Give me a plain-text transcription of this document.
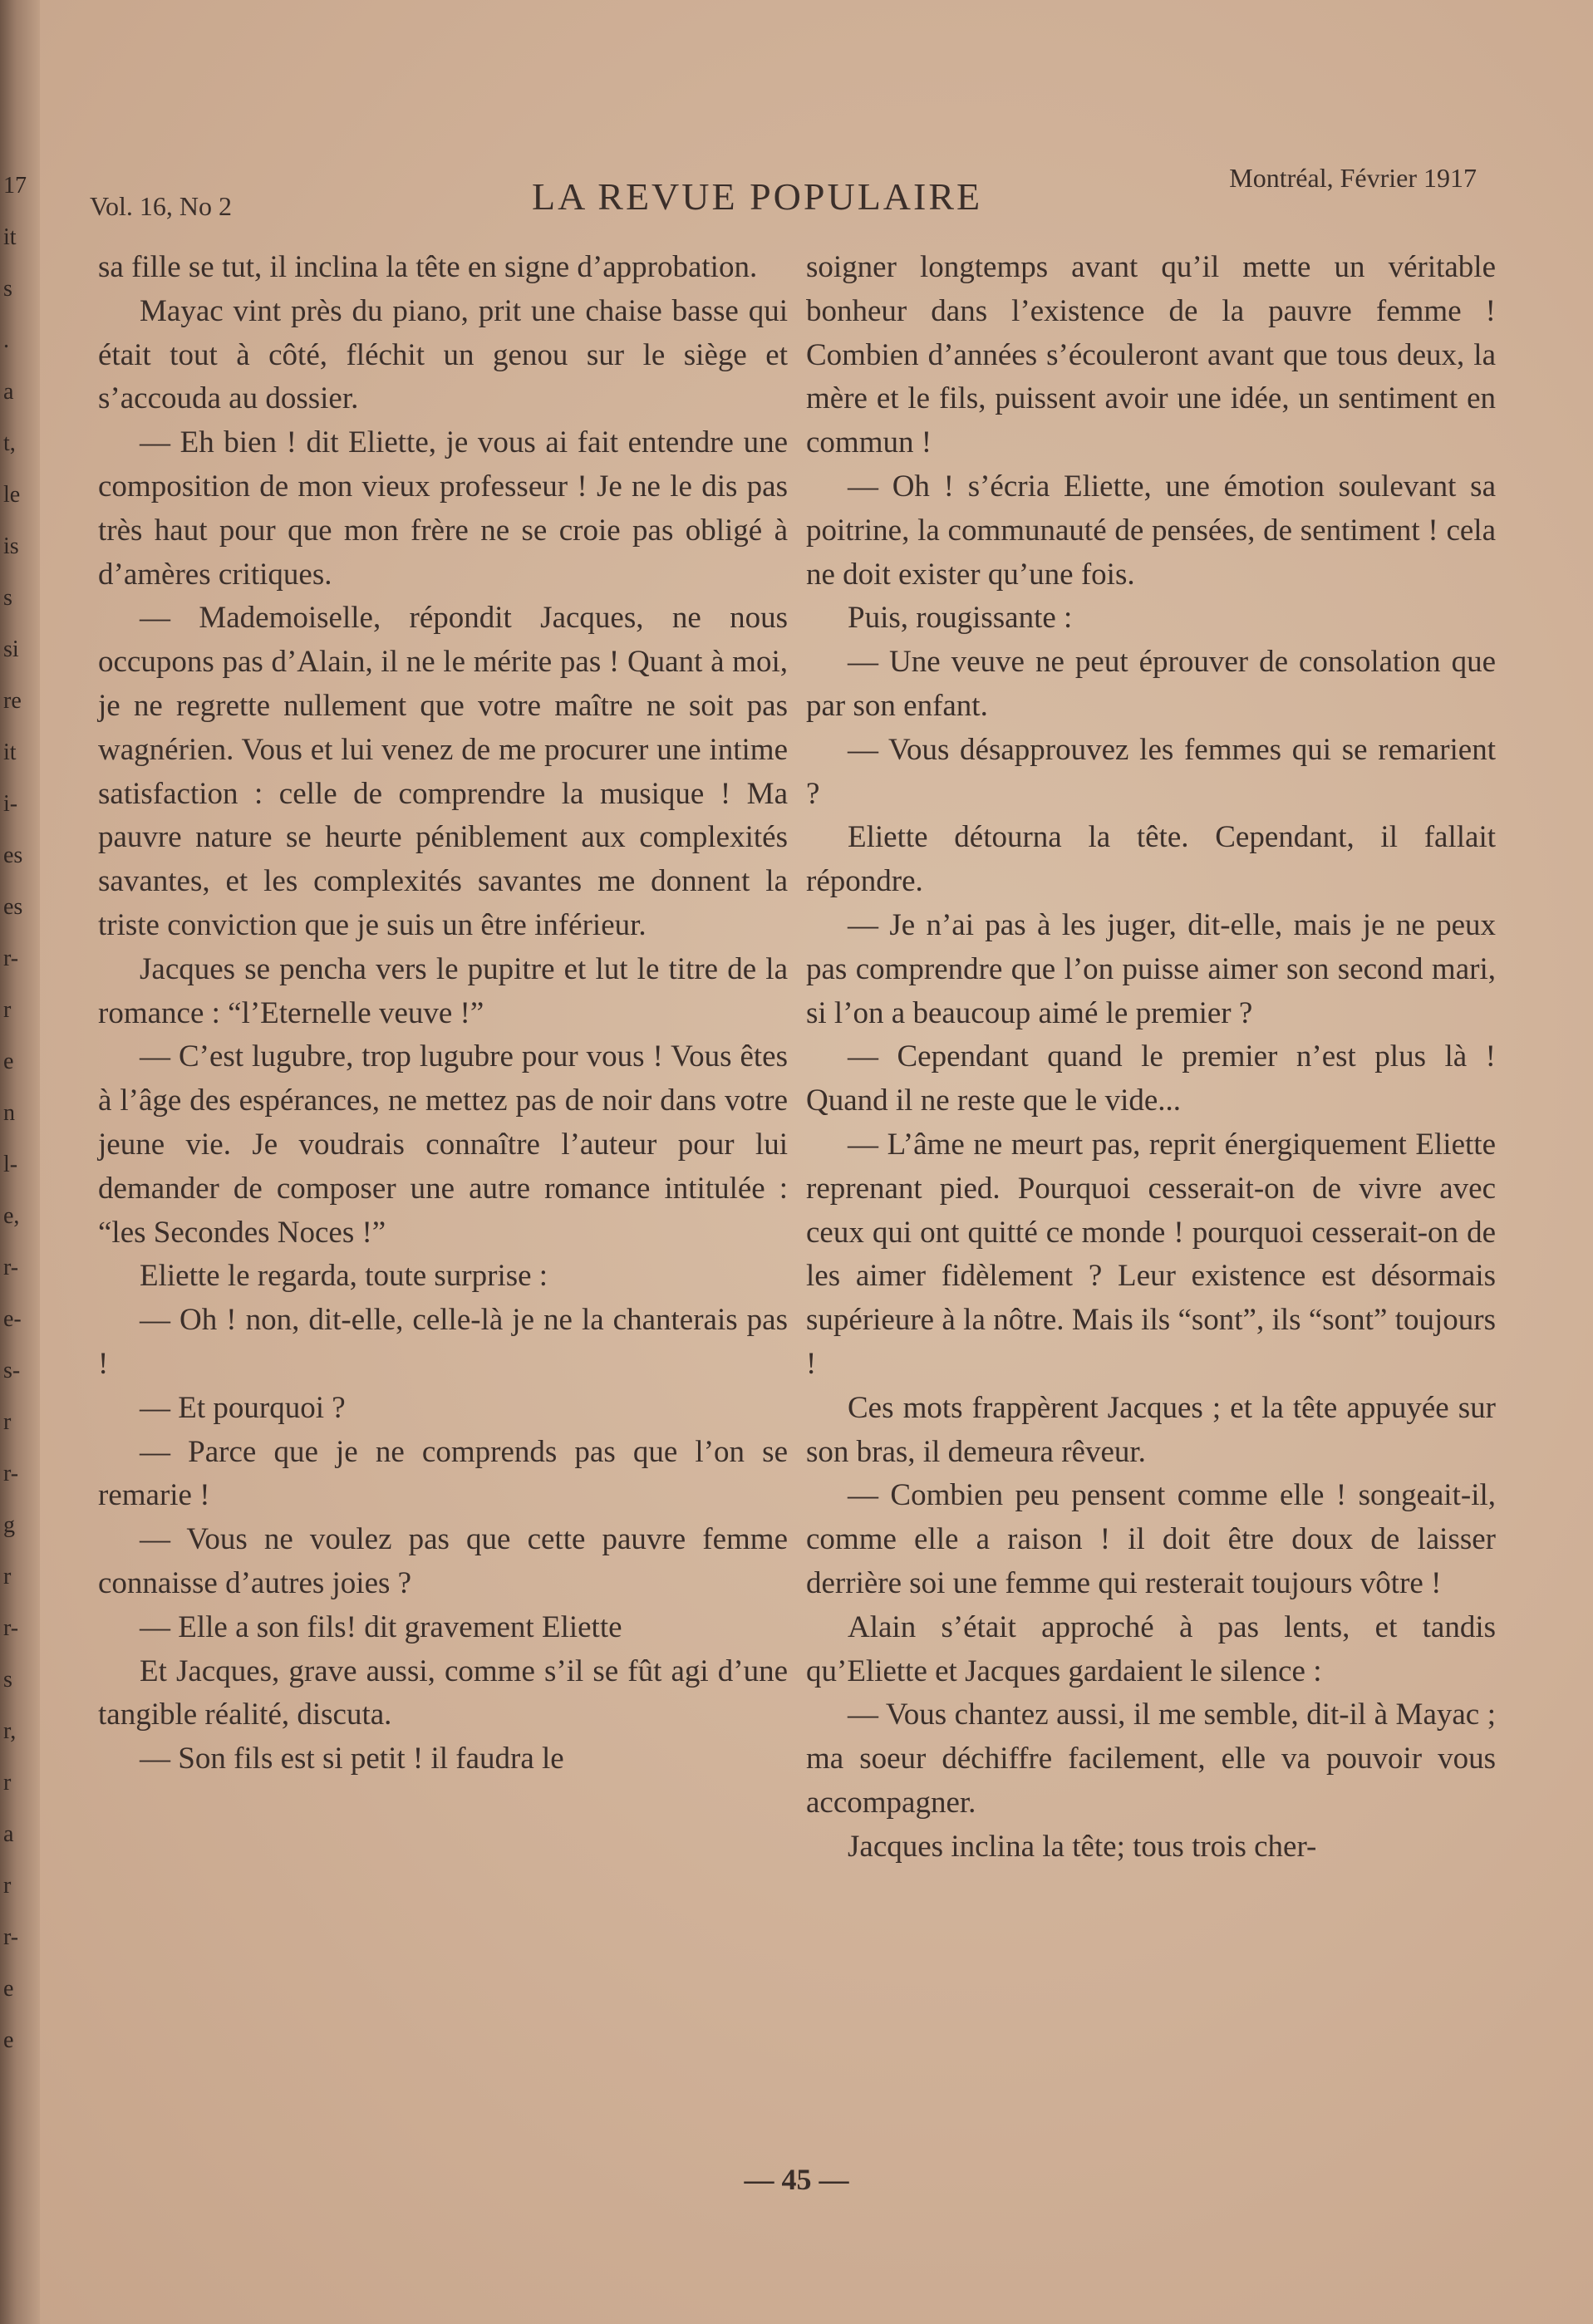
17
it
s
.
a
t,
le
is
s
si
re
it
i-
es
es
r-
r
e
n
l-
e,
r-
e-
s-
r
r-
g
r
r-
s
r,
r
a
r
r-
e
e
Vol. 16, No 2	LA REVUE POPULAIRE	Montréal, Février 1917

sa fille se tut, il inclina la tête en signe d’approbation.

Mayac vint près du piano, prit une chaise basse qui était tout à côté, fléchit un genou sur le siège et s’accouda au dossier.

— Eh bien ! dit Eliette, je vous ai fait entendre une composition de mon vieux professeur ! Je ne le dis pas très haut pour que mon frère ne se croie pas obligé à d’amères critiques.

— Mademoiselle, répondit Jacques, ne nous occupons pas d’Alain, il ne le mérite pas ! Quant à moi, je ne regrette nullement que votre maître ne soit pas wagnérien. Vous et lui venez de me procurer une intime satisfaction : celle de comprendre la musique ! Ma pauvre nature se heurte péniblement aux complexités savantes, et les complexités savantes me donnent la triste conviction que je suis un être inférieur.

Jacques se pencha vers le pupitre et lut le titre de la romance : “l’Eternelle veuve !”

— C’est lugubre, trop lugubre pour vous ! Vous êtes à l’âge des espérances, ne mettez pas de noir dans votre jeune vie. Je voudrais connaître l’auteur pour lui demander de composer une autre romance intitulée : “les Secondes Noces !”

Eliette le regarda, toute surprise :

— Oh ! non, dit-elle, celle-là je ne la chanterais pas !

— Et pourquoi ?

— Parce que je ne comprends pas que l’on se remarie !

— Vous ne voulez pas que cette pauvre femme connaisse d’autres joies ?

— Elle a son fils! dit gravement Eliette

Et Jacques, grave aussi, comme s’il se fût agi d’une tangible réalité, discuta.

— Son fils est si petit ! il faudra le

soigner longtemps avant qu’il mette un véritable bonheur dans l’existence de la pauvre femme ! Combien d’années s’écouleront avant que tous deux, la mère et le fils, puissent avoir une idée, un sentiment en commun !

— Oh ! s’écria Eliette, une émotion soulevant sa poitrine, la communauté de pensées, de sentiment ! cela ne doit exister qu’une fois.

Puis, rougissante :

— Une veuve ne peut éprouver de consolation que par son enfant.

— Vous désapprouvez les femmes qui se remarient ?

Eliette détourna la tête. Cependant, il fallait répondre.

— Je n’ai pas à les juger, dit-elle, mais je ne peux pas comprendre que l’on puisse aimer son second mari, si l’on a beaucoup aimé le premier ?

— Cependant quand le premier n’est plus là ! Quand il ne reste que le vide...

— L’âme ne meurt pas, reprit énergiquement Eliette reprenant pied. Pourquoi cesserait-on de vivre avec ceux qui ont quitté ce monde ! pourquoi cesserait-on de les aimer fidèlement ? Leur existence est désormais supérieure à la nôtre. Mais ils “sont”, ils “sont” toujours !

Ces mots frappèrent Jacques ; et la tête appuyée sur son bras, il demeura rêveur.

— Combien peu pensent comme elle ! songeait-il, comme elle a raison ! il doit être doux de laisser derrière soi une femme qui resterait toujours vôtre !

Alain s’était approché à pas lents, et tandis qu’Eliette et Jacques gardaient le silence :

— Vous chantez aussi, il me semble, dit-il à Mayac ; ma soeur déchiffre facilement, elle va pouvoir vous accompagner.

Jacques inclina la tête; tous trois cher-

— 45 —
